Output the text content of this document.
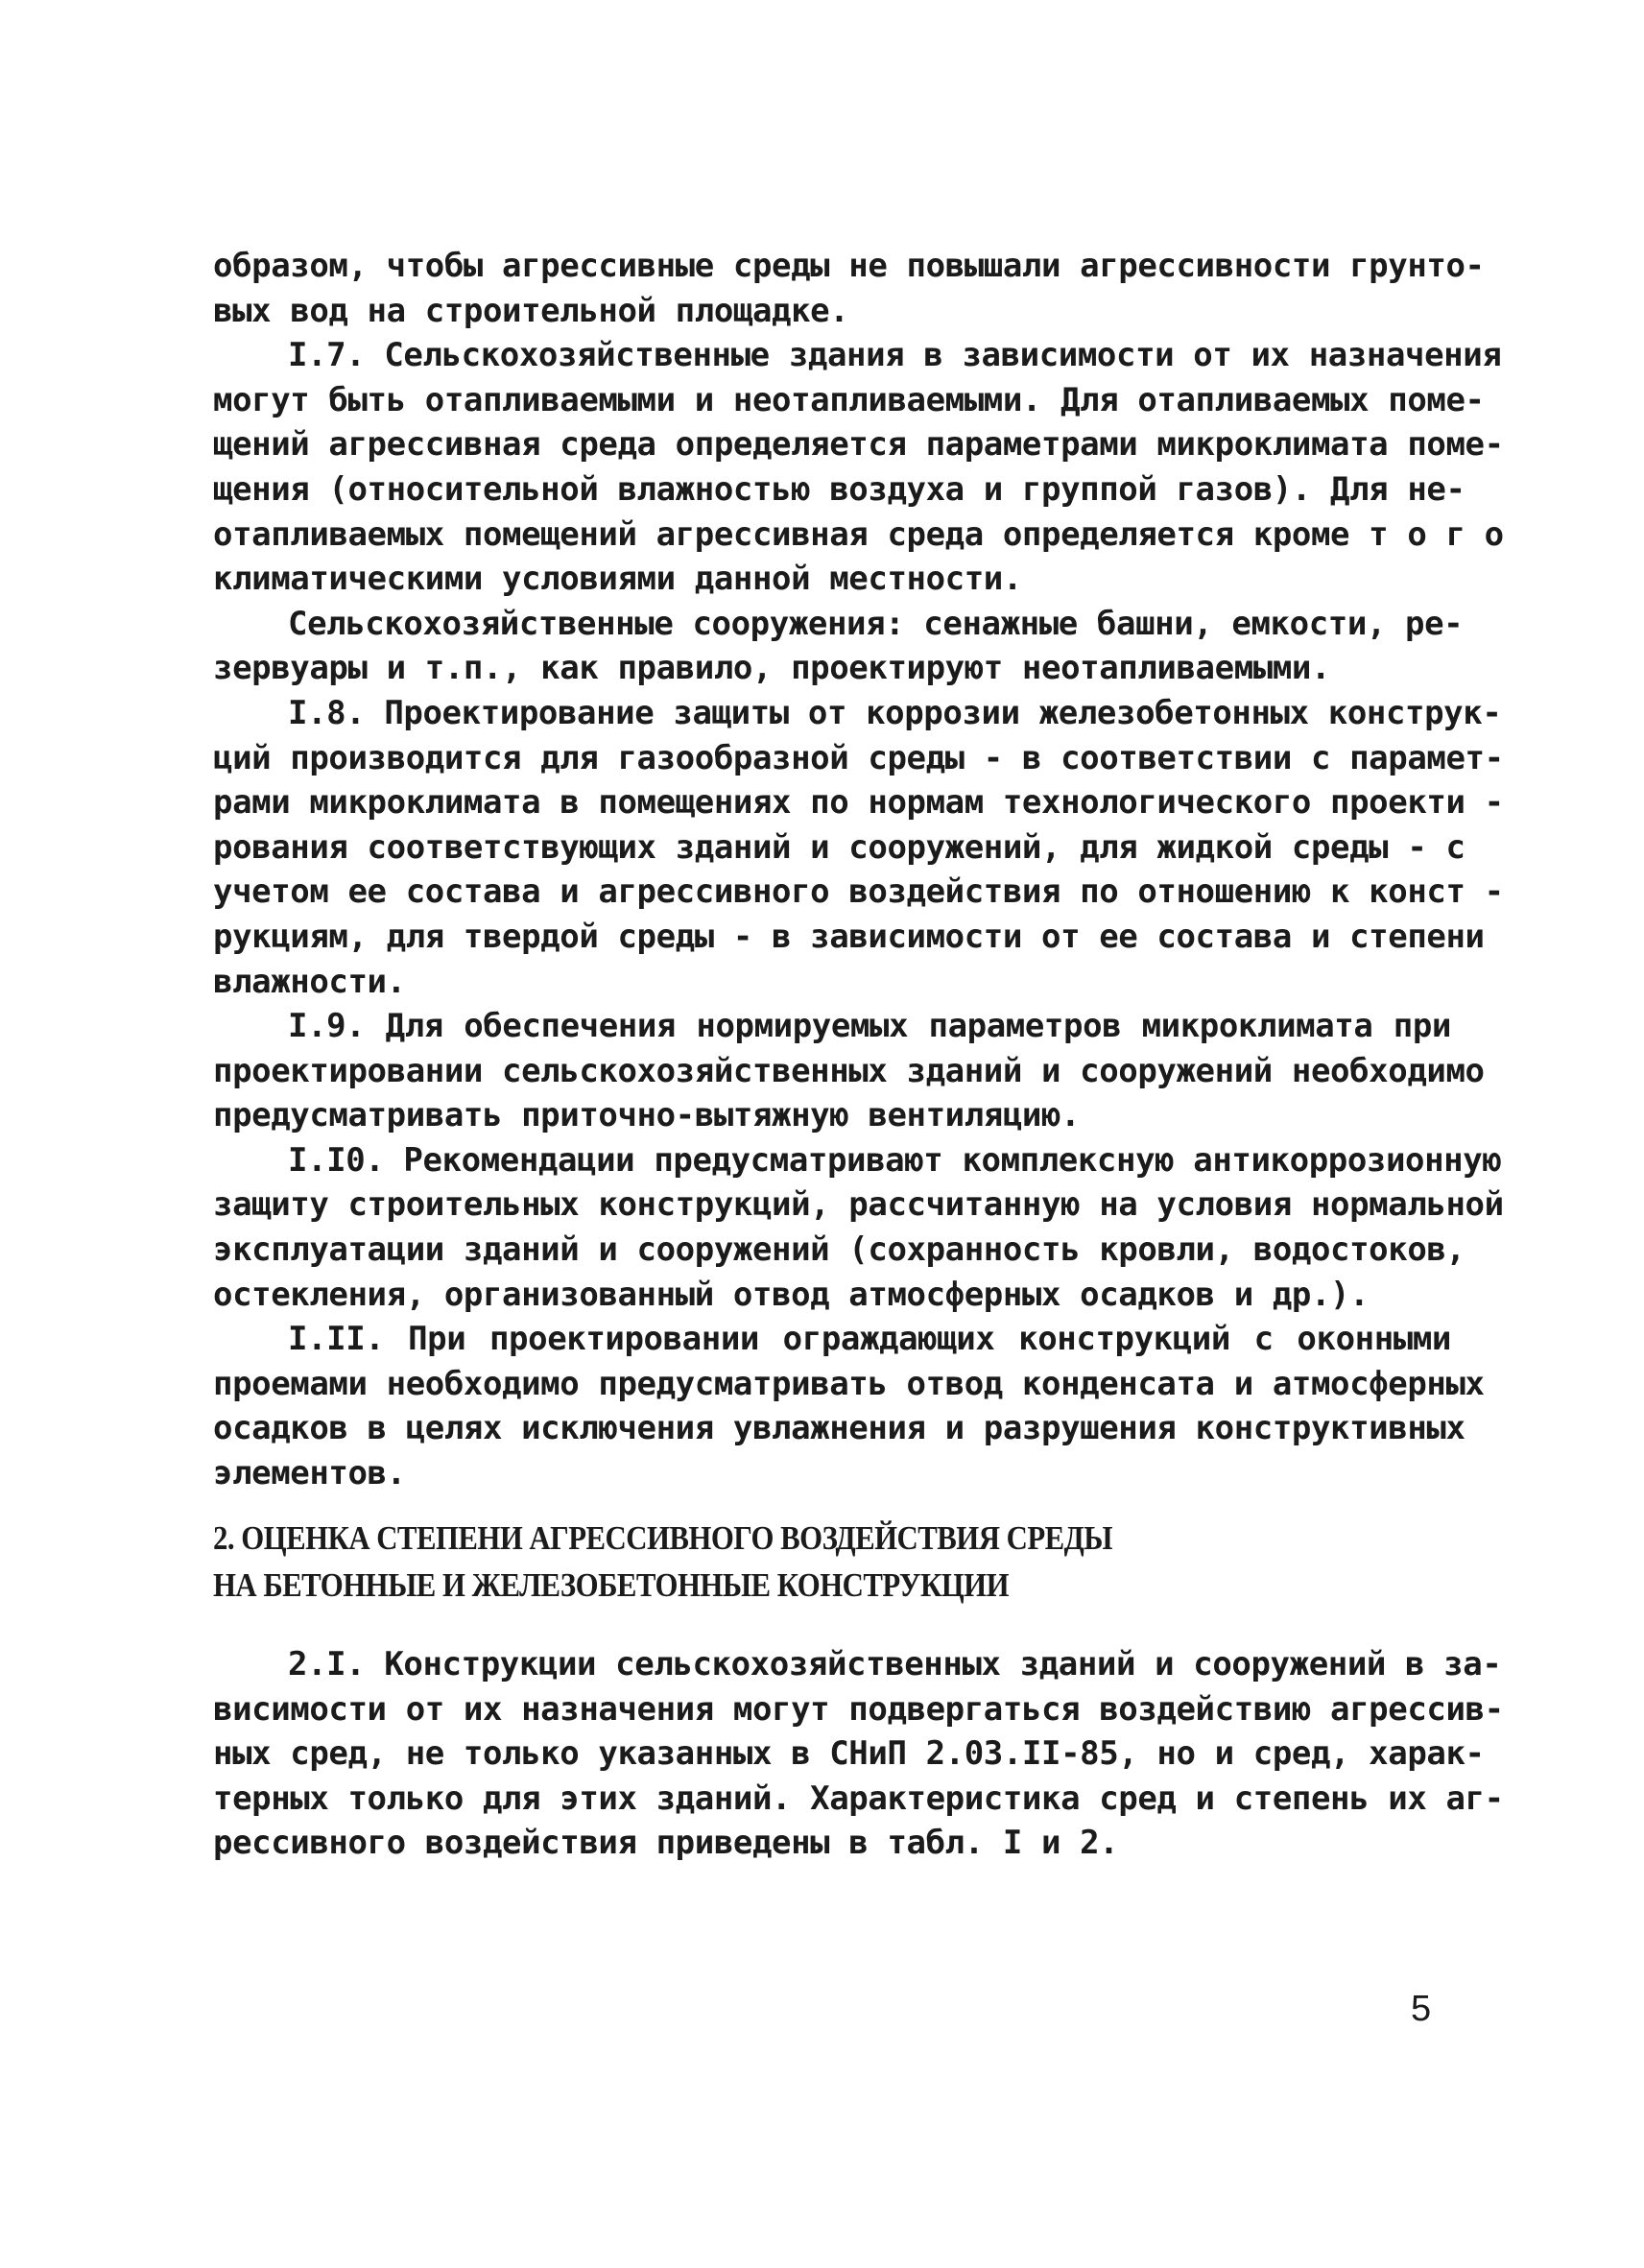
образом, чтобы агрессивные среды не повышали агрессивности грунто-
вых вод на строительной площадке.
I.7. Сельскохозяйственные здания в зависимости от их назначения
могут быть отапливаемыми и неотапливаемыми. Для отапливаемых поме-
щений агрессивная среда определяется параметрами микроклимата поме-
щения (относительной влажностью воздуха и группой газов). Для не-
отапливаемых помещений агрессивная среда определяется кроме т о г о
климатическими условиями данной местности.
Сельскохозяйственные сооружения: сенажные башни, емкости, ре-
зервуары и т.п., как правило, проектируют неотапливаемыми.
I.8. Проектирование защиты от коррозии железобетонных конструк-
ций производится для газообразной среды - в соответствии с парамет-
рами микроклимата в помещениях по нормам технологического проекти -
рования соответствующих зданий и сооружений, для жидкой среды - с
учетом ее состава и агрессивного воздействия по отношению к конст -
рукциям, для твердой среды - в зависимости от ее состава и степени
влажности.
I.9. Для обеспечения нормируемых параметров микроклимата при
проектировании сельскохозяйственных зданий и сооружений необходимо
предусматривать приточно-вытяжную вентиляцию.
I.I0. Рекомендации предусматривают комплексную антикоррозионную
защиту строительных конструкций, рассчитанную на условия нормальной
эксплуатации зданий и сооружений (сохранность кровли, водостоков,
остекления, организованный отвод атмосферных осадков и др.).
I.II. При проектировании ограждающих конструкций с оконными
проемами необходимо предусматривать отвод конденсата и атмосферных
осадков в целях исключения увлажнения и разрушения конструктивных
элементов.
2. ОЦЕНКА СТЕПЕНИ АГРЕССИВНОГО ВОЗДЕЙСТВИЯ СРЕДЫ
НА БЕТОННЫЕ И ЖЕЛЕЗОБЕТОННЫЕ КОНСТРУКЦИИ
2.I. Конструкции сельскохозяйственных зданий и сооружений в за-
висимости от их назначения могут подвергаться воздействию агрессив-
ных сред, не только указанных в СНиП 2.03.II-85, но и сред, харак-
терных только для этих зданий. Характеристика сред и степень их аг-
рессивного воздействия приведены в табл. I и 2.
5
